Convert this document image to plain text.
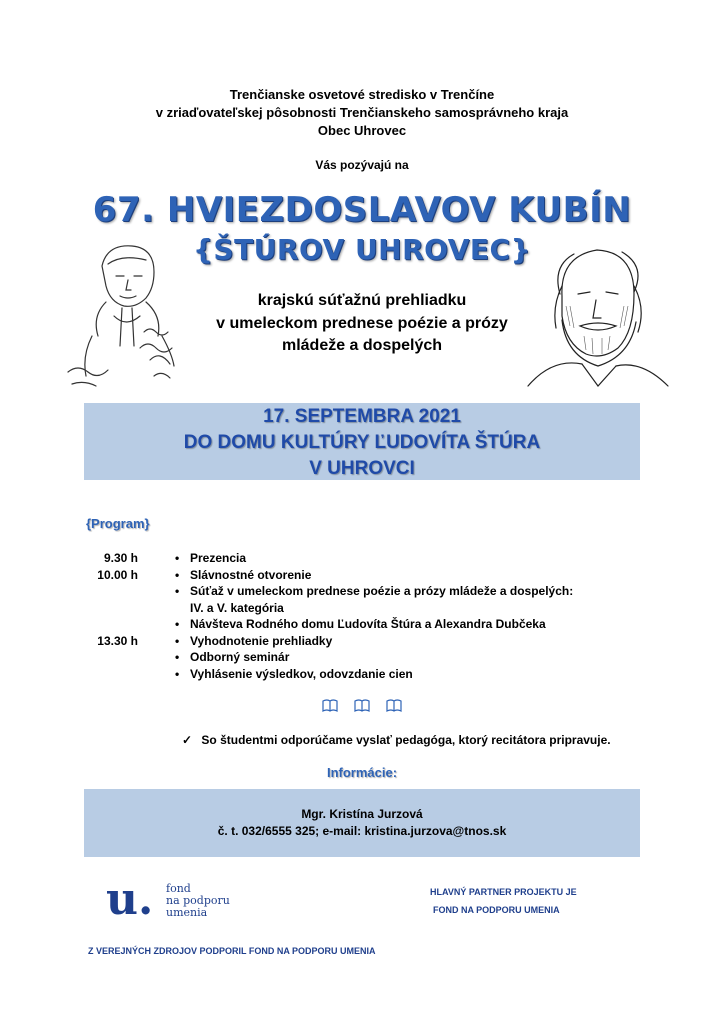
Trenčianske osvetové stredisko v Trenčíne
v zriaďovateľskej pôsobnosti Trenčianskeho samosprávneho kraja
Obec Uhrovec
Vás pozývajú na
67. HVIEZDOSLAVOV KUBÍN
{ŠTÚROV UHROVEC}
krajskú súťažnú prehliadku
v umeleckom prednese poézie a prózy
mládeže a dospelých
17. SEPTEMBRA 2021
DO DOMU KULTÚRY ĽUDOVÍTA ŠTÚRA
V UHROVCI
{Program}
9.30 h	• Prezencia
10.00 h	• Slávnostné otvorenie
• Súťaž v umeleckom prednese poézie a prózy mládeže a dospelých:
IV. a V. kategória
• Návšteva Rodného domu Ľudovíta Štúra a Alexandra Dubčeka
13.30 h	• Vyhodnotenie prehliadky
• Odborný seminár
• Vyhlásenie výsledkov, odovzdanie cien
✓ So študentmi odporúčame vyslať pedagóga, ktorý recitátora pripravuje.
Informácie:
Mgr. Kristína Jurzová
č. t. 032/6555 325; e-mail: kristina.jurzova@tnos.sk
u. fond
na podporu
umenia
HLAVNÝ PARTNER PROJEKTU JE
FOND NA PODPORU UMENIA
Z VEREJNÝCH ZDROJOV PODPORIL FOND NA PODPORU UMENIA
